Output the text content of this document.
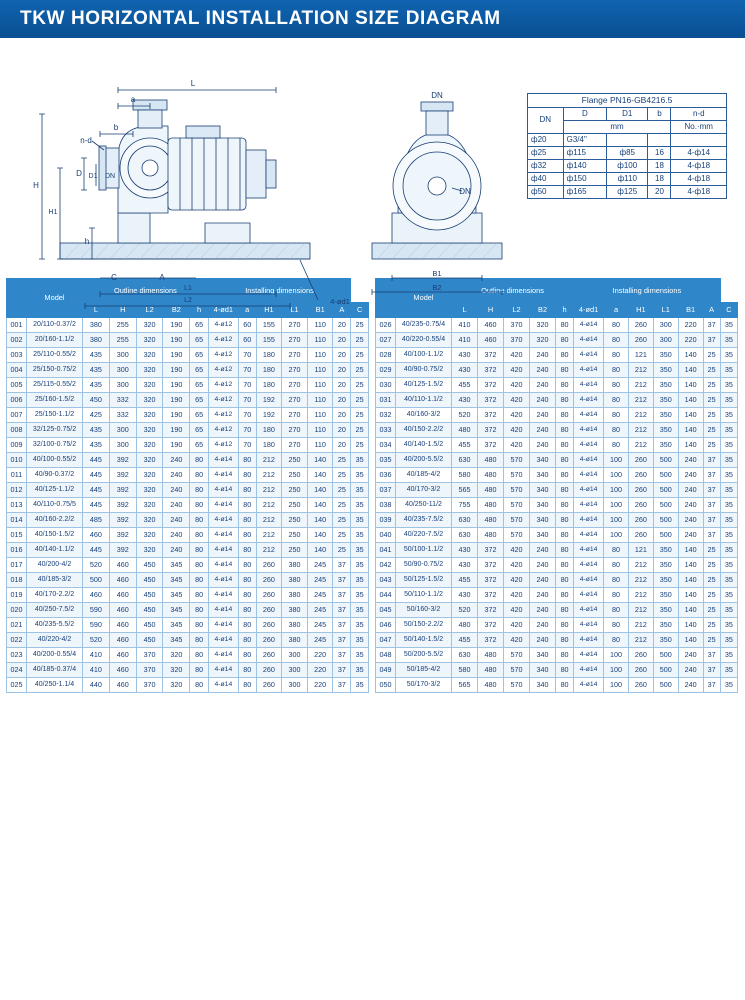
TKW HORIZONTAL INSTALLATION SIZE DIAGRAM
L
a
b
n-d
D D1 DN
H
H1
h
C	A
L1
L2	4-ød1
DN
DN
B1
B2
Flange PN16-GB4216.5				
DN	D	D1	b	n-d
	mm			No.·mm
ф20	G3/4"			
ф25	ф115	ф85	16	4-ф14
ф32	ф140	ф100	18	4-ф18
ф40	ф150	ф110	18	4-ф18
ф50	ф165	ф125	20	4-ф18
	Model	Outline dimensions					Installing dimensions						
		L	H	L2	B2	h	4-ød1	a	H1	L1	B1	A	C
001	20/110-0.37/2	380	255	320	190	65	4-ø12	60	155	270	110	20	25
002	20/160-1.1/2	380	255	320	190	65	4-ø12	60	155	270	110	20	25
003	25/110-0.55/2	435	300	320	190	65	4-ø12	70	180	270	110	20	25
004	25/150-0.75/2	435	300	320	190	65	4-ø12	70	180	270	110	20	25
005	25/115-0.55/2	435	300	320	190	65	4-ø12	70	180	270	110	20	25
006	25/160-1.5/2	450	332	320	190	65	4-ø12	70	192	270	110	20	25
007	25/150-1.1/2	425	332	320	190	65	4-ø12	70	192	270	110	20	25
008	32/125-0.75/2	435	300	320	190	65	4-ø12	70	180	270	110	20	25
009	32/100-0.75/2	435	300	320	190	65	4-ø12	70	180	270	110	20	25
010	40/100-0.55/2	445	392	320	240	80	4-ø14	80	212	250	140	25	35
011	40/90-0.37/2	445	392	320	240	80	4-ø14	80	212	250	140	25	35
012	40/125-1.1/2	445	392	320	240	80	4-ø14	80	212	250	140	25	35
013	40/110-0.75/5	445	392	320	240	80	4-ø14	80	212	250	140	25	35
014	40/160-2.2/2	485	392	320	240	80	4-ø14	80	212	250	140	25	35
015	40/150-1.5/2	460	392	320	240	80	4-ø14	80	212	250	140	25	35
016	40/140-1.1/2	445	392	320	240	80	4-ø14	80	212	250	140	25	35
017	40/200-4/2	520	460	450	345	80	4-ø14	80	260	380	245	37	35
018	40/185-3/2	500	460	450	345	80	4-ø14	80	260	380	245	37	35
019	40/170-2.2/2	460	460	450	345	80	4-ø14	80	260	380	245	37	35
020	40/250-7.5/2	590	460	450	345	80	4-ø14	80	260	380	245	37	35
021	40/235-5.5/2	590	460	450	345	80	4-ø14	80	260	380	245	37	35
022	40/220-4/2	520	460	450	345	80	4-ø14	80	260	380	245	37	35
023	40/200-0.55/4	410	460	370	320	80	4-ø14	80	260	300	220	37	35
024	40/185-0.37/4	410	460	370	320	80	4-ø14	80	260	300	220	37	35
025	40/250-1.1/4	440	460	370	320	80	4-ø14	80	260	300	220	37	35
	Model	Outline dimensions					Installing dimensions						
		L	H	L2	B2	h	4-ød1	a	H1	L1	B1	A	C
026	40/235-0.75/4	410	460	370	320	80	4-ø14	80	260	300	220	37	35
027	40/220-0.55/4	410	460	370	320	80	4-ø14	80	260	300	220	37	35
028	40/100-1.1/2	430	372	420	240	80	4-ø14	80	121	350	140	25	35
029	40/90-0.75/2	430	372	420	240	80	4-ø14	80	212	350	140	25	35
030	40/125-1.5/2	455	372	420	240	80	4-ø14	80	212	350	140	25	35
031	40/110-1.1/2	430	372	420	240	80	4-ø14	80	212	350	140	25	35
032	40/160-3/2	520	372	420	240	80	4-ø14	80	212	350	140	25	35
033	40/150-2.2/2	480	372	420	240	80	4-ø14	80	212	350	140	25	35
034	40/140-1.5/2	455	372	420	240	80	4-ø14	80	212	350	140	25	35
035	40/200-5.5/2	630	480	570	340	80	4-ø14	100	260	500	240	37	35
036	40/185-4/2	580	480	570	340	80	4-ø14	100	260	500	240	37	35
037	40/170-3/2	565	480	570	340	80	4-ø14	100	260	500	240	37	35
038	40/250-11/2	755	480	570	340	80	4-ø14	100	260	500	240	37	35
039	40/235-7.5/2	630	480	570	340	80	4-ø14	100	260	500	240	37	35
040	40/220-7.5/2	630	480	570	340	80	4-ø14	100	260	500	240	37	35
041	50/100-1.1/2	430	372	420	240	80	4-ø14	80	121	350	140	25	35
042	50/90-0.75/2	430	372	420	240	80	4-ø14	80	212	350	140	25	35
043	50/125-1.5/2	455	372	420	240	80	4-ø14	80	212	350	140	25	35
044	50/110-1.1/2	430	372	420	240	80	4-ø14	80	212	350	140	25	35
045	50/160-3/2	520	372	420	240	80	4-ø14	80	212	350	140	25	35
046	50/150-2.2/2	480	372	420	240	80	4-ø14	80	212	350	140	25	35
047	50/140-1.5/2	455	372	420	240	80	4-ø14	80	212	350	140	25	35
048	50/200-5.5/2	630	480	570	340	80	4-ø14	100	260	500	240	37	35
049	50/185-4/2	580	480	570	340	80	4-ø14	100	260	500	240	37	35
050	50/170-3/2	565	480	570	340	80	4-ø14	100	260	500	240	37	35
